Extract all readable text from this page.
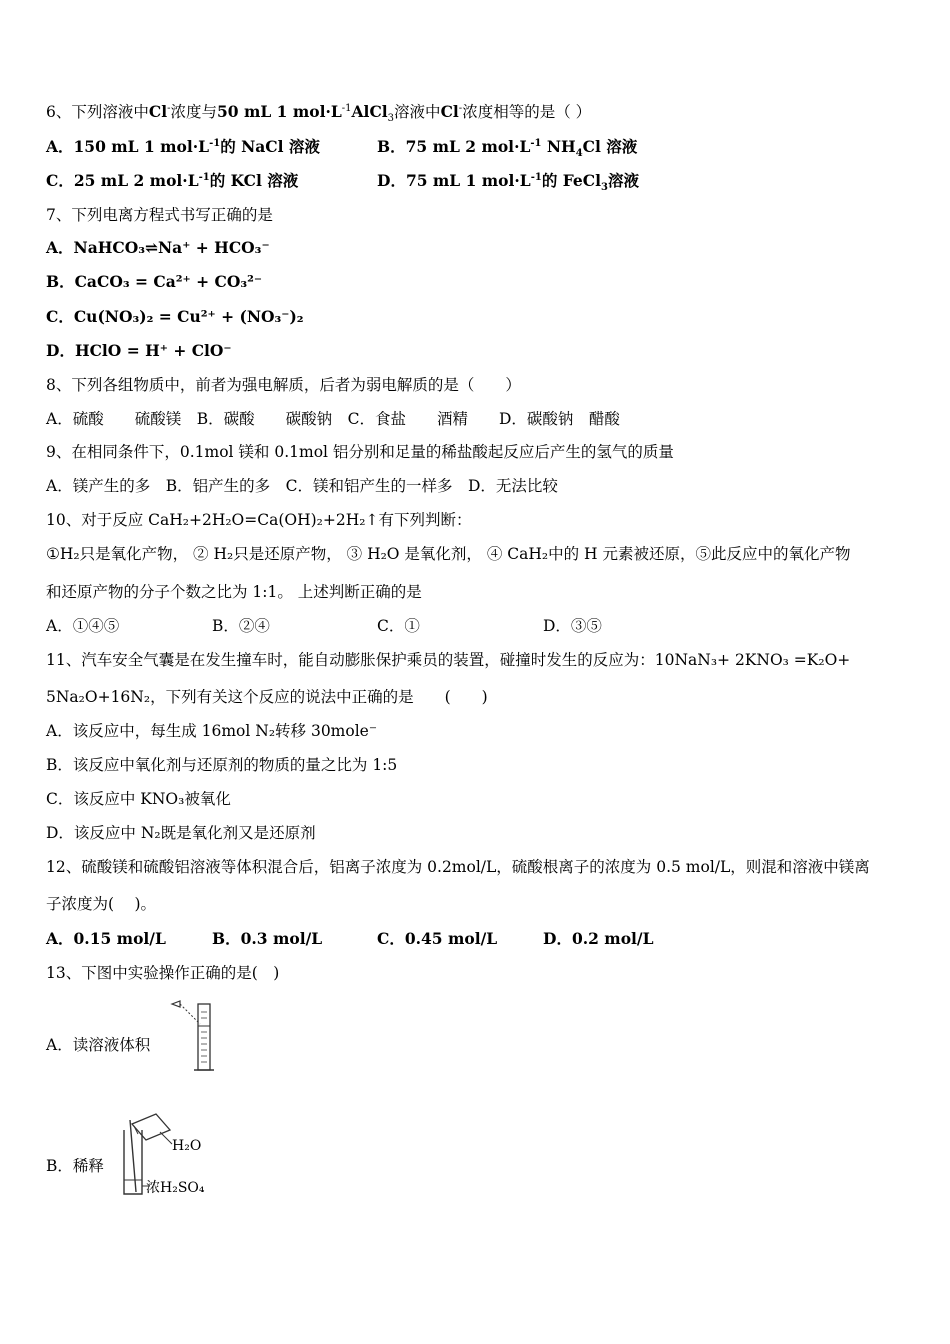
6、下列溶液中Cl-浓度与50 mL 1 $mol\cdot L^{-1}AlCl_3$溶液中Cl-浓度相等的是（ ）
A．150 mL 1 $mol\cdot L^{-1}$的 NaCl 溶液	B．75 mL 2 $mol\cdot L^{-1}$ $NH_4Cl$ 溶液
C．25 mL 2 $mol\cdot L^{-1}$的 KCl 溶液	D．75 mL 1 $mol\cdot L^{-1}$的 FeCl$_3$溶液
7、下列电离方程式书写正确的是
A．NaHCO₃⇌Na⁺ + HCO₃⁻
B．CaCO₃ = Ca²⁺ + CO₃²⁻
C．Cu(NO₃)₂ = Cu²⁺ + (NO₃⁻)₂
D．HClO = H⁺ + ClO⁻
8、下列各组物质中，前者为强电解质，后者为弱电解质的是（　　）
A．硫酸　　硫酸镁　B．碳酸　　碳酸钠　C．食盐　　酒精　　D．碳酸钠　醋酸
9、在相同条件下，0.1mol 镁和 0.1mol 铝分别和足量的稀盐酸起反应后产生的氢气的质量
A．镁产生的多　B．铝产生的多　C．镁和铝产生的一样多　D．无法比较
10、对于反应 CaH₂+2H₂O=Ca(OH)₂+2H₂↑有下列判断：
①H₂只是氧化产物， ② H₂只是还原产物， ③ H₂O 是氧化剂， ④ CaH₂中的 H 元素被还原，⑤此反应中的氧化产物
和还原产物的分子个数之比为 1:1。 上述判断正确的是
A．①④⑤	B．②④	C．①	D．③⑤
11、汽车安全气囊是在发生撞车时，能自动膨胀保护乘员的装置，碰撞时发生的反应为：10NaN₃+ 2KNO₃ =K₂O+
5Na₂O+16N₂，下列有关这个反应的说法中正确的是　　(　　)
A．该反应中，每生成 16mol N₂转移 30mole⁻
B．该反应中氧化剂与还原剂的物质的量之比为 1:5
C．该反应中 KNO₃被氧化
D．该反应中 N₂既是氧化剂又是还原剂
12、硫酸镁和硫酸铝溶液等体积混合后，铝离子浓度为 0.2mol/L，硫酸根离子的浓度为 0.5 mol/L，则混和溶液中镁离
子浓度为(　 )。
A．0.15 mol/L	B．0.3 mol/L	C．0.45 mol/L	D．0.2 mol/L
13、下图中实验操作正确的是(　)
A．读溶液体积
B．稀释
H₂O
浓H₂SO₄
